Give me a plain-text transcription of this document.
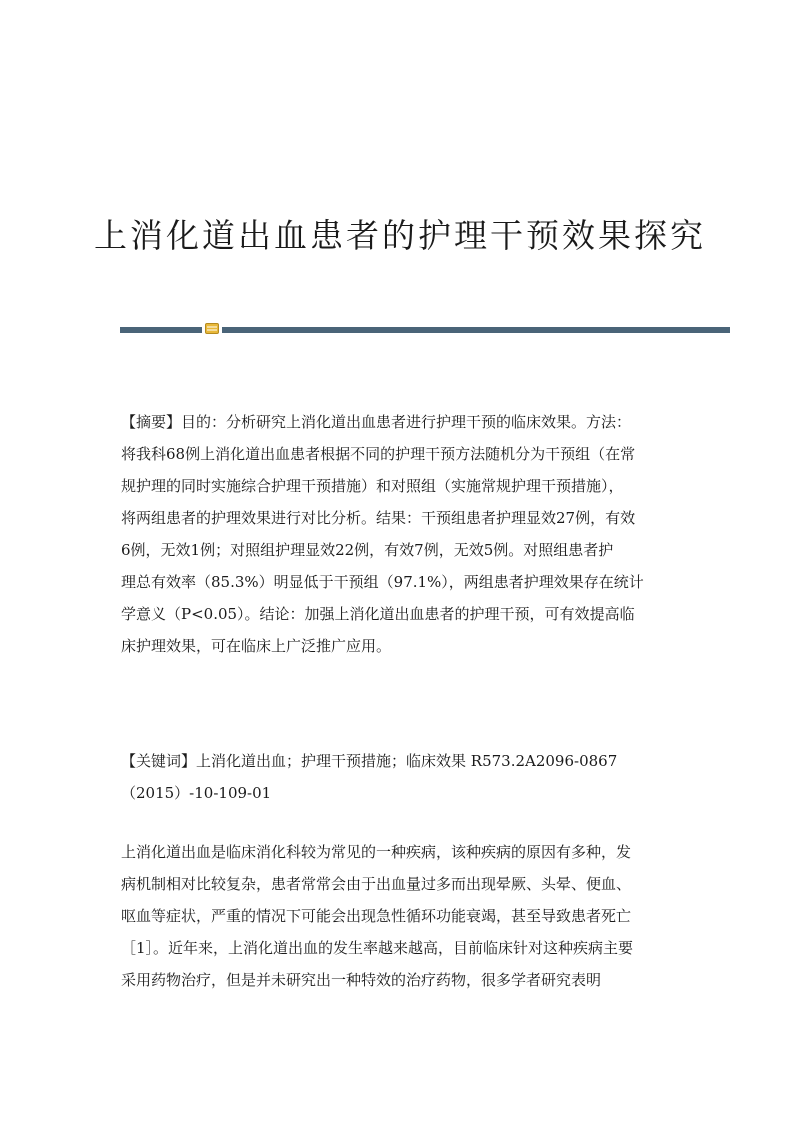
上消化道出血患者的护理干预效果探究
【摘要】目的：分析研究上消化道出血患者进行护理干预的临床效果。方法：
将我科68例上消化道出血患者根据不同的护理干预方法随机分为干预组（在常
规护理的同时实施综合护理干预措施）和对照组（实施常规护理干预措施），
将两组患者的护理效果进行对比分析。结果：干预组患者护理显效27例，有效
6例，无效1例；对照组护理显效22例，有效7例，无效5例。对照组患者护
理总有效率（85.3%）明显低于干预组（97.1%），两组患者护理效果存在统计
学意义（P<0.05）。结论：加强上消化道出血患者的护理干预，可有效提高临
床护理效果，可在临床上广泛推广应用。
【关键词】上消化道出血；护理干预措施；临床效果 R573.2A2096-0867
（2015）-10-109-01
上消化道出血是临床消化科较为常见的一种疾病，该种疾病的原因有多种，发
病机制相对比较复杂，患者常常会由于出血量过多而出现晕厥、头晕、便血、
呕血等症状，严重的情况下可能会出现急性循环功能衰竭，甚至导致患者死亡
［1］。近年来，上消化道出血的发生率越来越高，目前临床针对这种疾病主要
采用药物治疗，但是并未研究出一种特效的治疗药物，很多学者研究表明
